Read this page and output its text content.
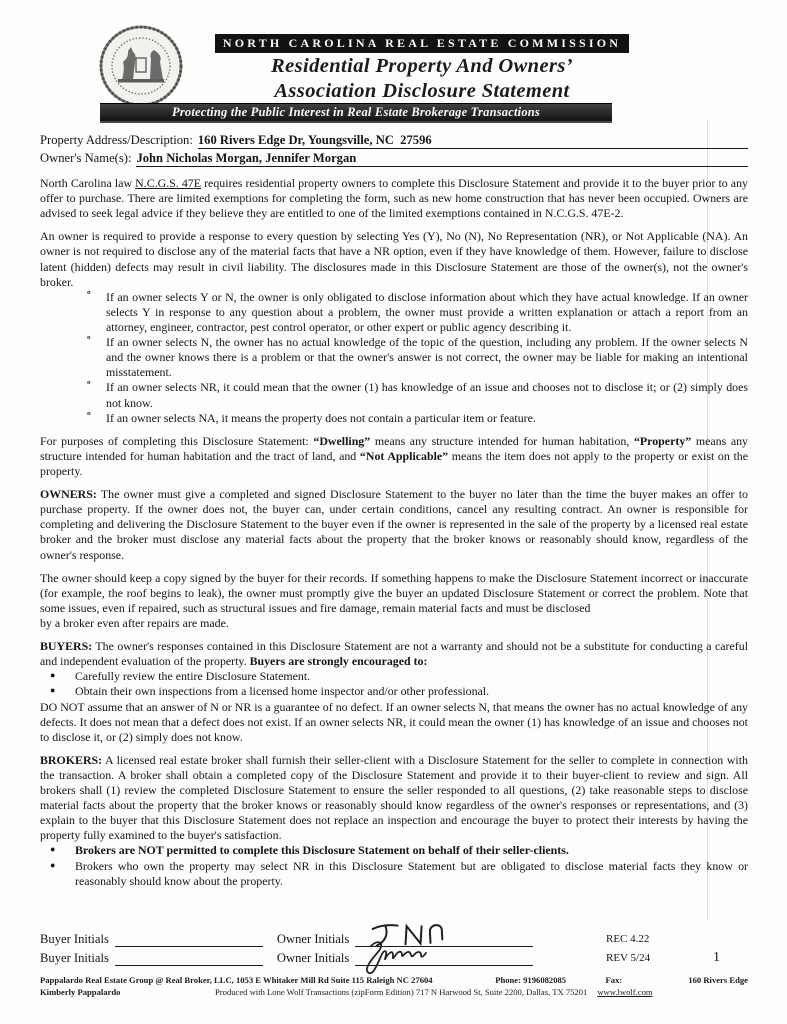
NORTH CAROLINA REAL ESTATE COMMISSION
Residential Property And Owners’
Association Disclosure Statement
Protecting the Public Interest in Real Estate Brokerage Transactions
Property Address/Description: 160 Rivers Edge Dr, Youngsville, NC  27596
Owner's Name(s): John Nicholas Morgan, Jennifer Morgan

North Carolina law N.C.G.S. 47E requires residential property owners to complete this Disclosure Statement and provide it to the buyer prior to any offer to purchase. There are limited exemptions for completing the form, such as new home construction that has never been occupied. Owners are advised to seek legal advice if they believe they are entitled to one of the limited exemptions contained in N.C.G.S. 47E-2.

An owner is required to provide a response to every question by selecting Yes (Y), No (N), No Representation (NR), or Not Applicable (NA). An owner is not required to disclose any of the material facts that have a NR option, even if they have knowledge of them. However, failure to disclose latent (hidden) defects may result in civil liability. The disclosures made in this Disclosure Statement are those of the owner(s), not the owner's broker.

º If an owner selects Y or N, the owner is only obligated to disclose information about which they have actual knowledge. If an owner selects Y in response to any question about a problem, the owner must provide a written explanation or attach a report from an attorney, engineer, contractor, pest control operator, or other expert or public agency describing it.
º If an owner selects N, the owner has no actual knowledge of the topic of the question, including any problem. If the owner selects N and the owner knows there is a problem or that the owner's answer is not correct, the owner may be liable for making an intentional misstatement.
º If an owner selects NR, it could mean that the owner (1) has knowledge of an issue and chooses not to disclose it; or (2) simply does not know.
º If an owner selects NA, it means the property does not contain a particular item or feature.

For purposes of completing this Disclosure Statement: “Dwelling” means any structure intended for human habitation, “Property” means any structure intended for human habitation and the tract of land, and “Not Applicable” means the item does not apply to the property or exist on the property.

OWNERS: The owner must give a completed and signed Disclosure Statement to the buyer no later than the time the buyer makes an offer to purchase property. If the owner does not, the buyer can, under certain conditions, cancel any resulting contract. An owner is responsible for completing and delivering the Disclosure Statement to the buyer even if the owner is represented in the sale of the property by a licensed real estate broker and the broker must disclose any material facts about the property that the broker knows or reasonably should know, regardless of the owner's response.

The owner should keep a copy signed by the buyer for their records. If something happens to make the Disclosure Statement incorrect or inaccurate (for example, the roof begins to leak), the owner must promptly give the buyer an updated Disclosure Statement or correct the problem. Note that some issues, even if repaired, such as structural issues and fire damage, remain material facts and must be disclosed

by a broker even after repairs are made.

BUYERS: The owner's responses contained in this Disclosure Statement are not a warranty and should not be a substitute for conducting a careful and independent evaluation of the property. Buyers are strongly encouraged to:

● Carefully review the entire Disclosure Statement.
● Obtain their own inspections from a licensed home inspector and/or other professional.

DO NOT assume that an answer of N or NR is a guarantee of no defect. If an owner selects N, that means the owner has no actual knowledge of any defects. It does not mean that a defect does not exist. If an owner selects NR, it could mean the owner (1) has knowledge of an issue and chooses not to disclose it, or (2) simply does not know.

BROKERS: A licensed real estate broker shall furnish their seller-client with a Disclosure Statement for the seller to complete in connection with the transaction. A broker shall obtain a completed copy of the Disclosure Statement and provide it to their buyer-client to review and sign. All brokers shall (1) review the completed Disclosure Statement to ensure the seller responded to all questions, (2) take reasonable steps to disclose material facts about the property that the broker knows or reasonably should know regardless of the owner's responses or representations, and (3) explain to the buyer that this Disclosure Statement does not replace an inspection and encourage the buyer to protect their interests by having the property fully examined to the buyer's satisfaction.

● Brokers are NOT permitted to complete this Disclosure Statement on behalf of their seller-clients.
● Brokers who own the property may select NR in this Disclosure Statement but are obligated to disclose material facts they know or reasonably should know about the property.
Buyer Initials	Owner Initials	REC 4.22
Buyer Initials	Owner Initials	REV 5/24	1
Pappalardo Real Estate Group @ Real Broker, LLC, 1053 E Whitaker Mill Rd Suite 115 Raleigh NC 27604	Phone: 9196082085	Fax:	160 Rivers Edge
Kimberly Pappalardo	Produced with Lone Wolf Transactions (zipForm Edition) 717 N Harwood St, Suite 2200, Dallas, TX 75201 www.lwolf.com
